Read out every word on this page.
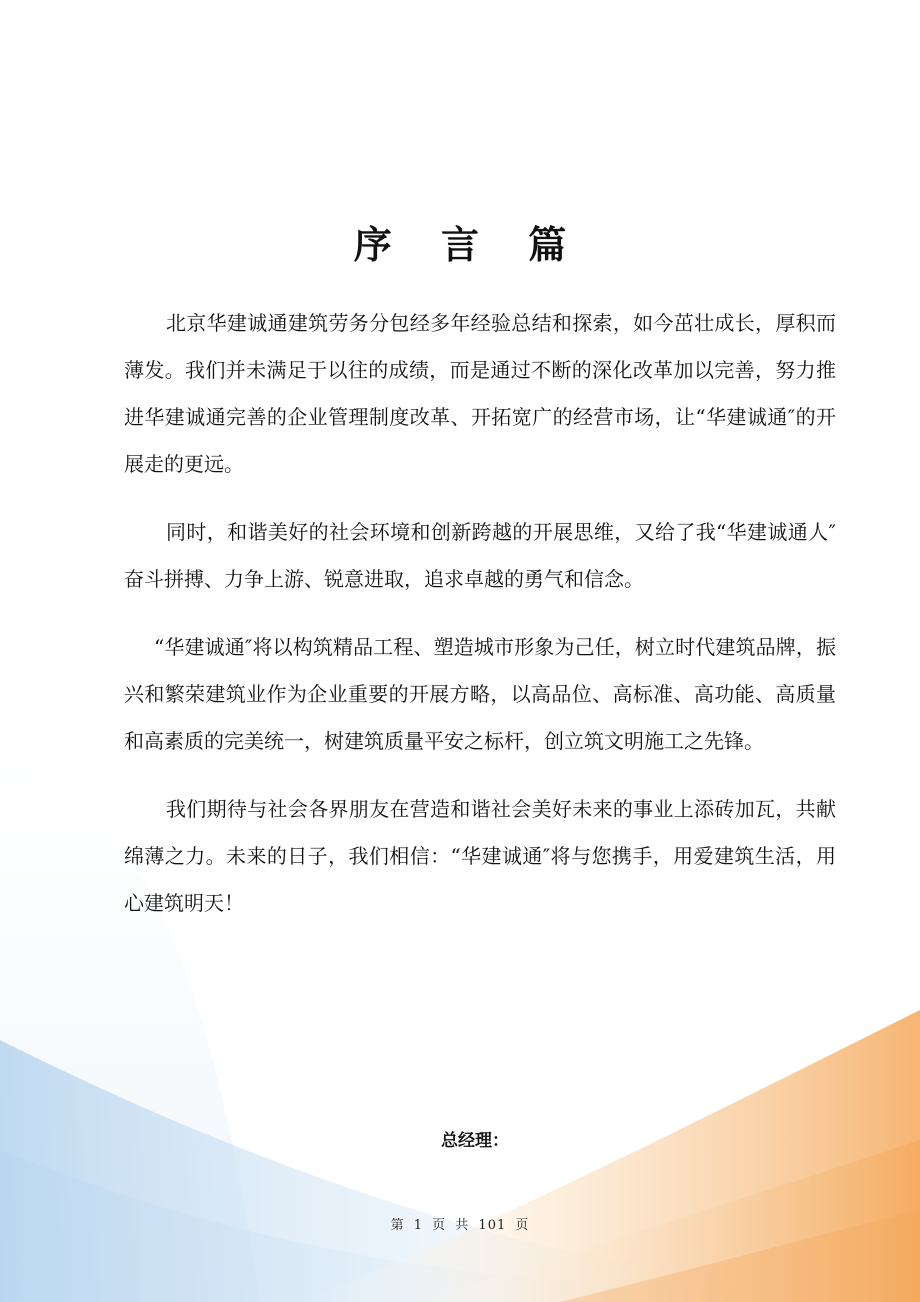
序 言 篇

北京华建诚通建筑劳务分包经多年经验总结和探索，如今茁壮成长，厚积而薄发。我们并未满足于以往的成绩，而是通过不断的深化改革加以完善，努力推进华建诚通完善的企业管理制度改革、开拓宽广的经营市场，让“华建诚通″的开展走的更远。

同时，和谐美好的社会环境和创新跨越的开展思维，又给了我“华建诚通人″奋斗拼搏、力争上游、锐意进取，追求卓越的勇气和信念。

“华建诚通″将以构筑精品工程、塑造城市形象为己任，树立时代建筑品牌，振兴和繁荣建筑业作为企业重要的开展方略，以高品位、高标准、高功能、高质量和高素质的完美统一，树建筑质量平安之标杆，创立筑文明施工之先锋。

我们期待与社会各界朋友在营造和谐社会美好未来的事业上添砖加瓦，共献绵薄之力。未来的日子，我们相信：“华建诚通″将与您携手，用爱建筑生活，用心建筑明天！

总经理：
第 1 页 共 101 页
